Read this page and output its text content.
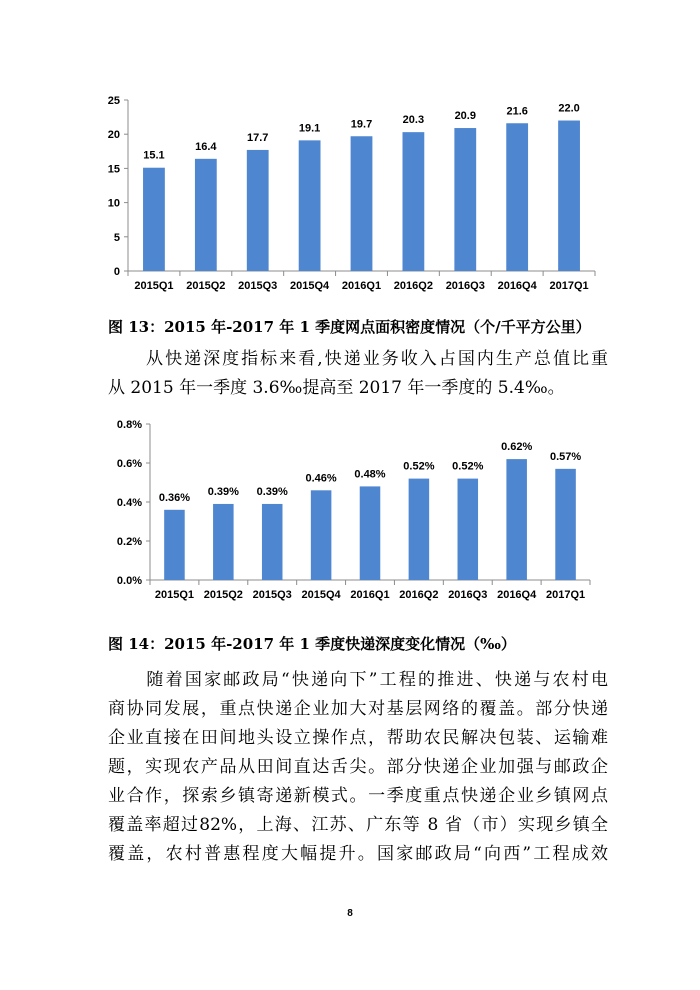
0
5
10
15
20
25
15.1
2015Q1
16.4
2015Q2
17.7
2015Q3
19.1
2015Q4
19.7
2016Q1
20.3
2016Q2
20.9
2016Q3
21.6
2016Q4
22.0
2017Q1
图 13：2015 年-2017 年 1 季度网点面积密度情况（个/千平方公里）
　　从快递深度指标来看,快递业务收入占国内生产总值比重
从 2015 年一季度 3.6‰提高至 2017 年一季度的 5.4‰。
0.0%
0.2%
0.4%
0.6%
0.8%
0.36%
2015Q1
0.39%
2015Q2
0.39%
2015Q3
0.46%
2015Q4
0.48%
2016Q1
0.52%
2016Q2
0.52%
2016Q3
0.62%
2016Q4
0.57%
2017Q1
图 14：2015 年-2017 年 1 季度快递深度变化情况（‰）
　　随着国家邮政局“快递向下”工程的推进、快递与农村电
商协同发展，重点快递企业加大对基层网络的覆盖。部分快递
企业直接在田间地头设立操作点，帮助农民解决包装、运输难
题，实现农产品从田间直达舌尖。部分快递企业加强与邮政企
业合作，探索乡镇寄递新模式。一季度重点快递企业乡镇网点
覆盖率超过82%，上海、江苏、广东等 8 省（市）实现乡镇全
覆盖，农村普惠程度大幅提升。国家邮政局“向西”工程成效
8
